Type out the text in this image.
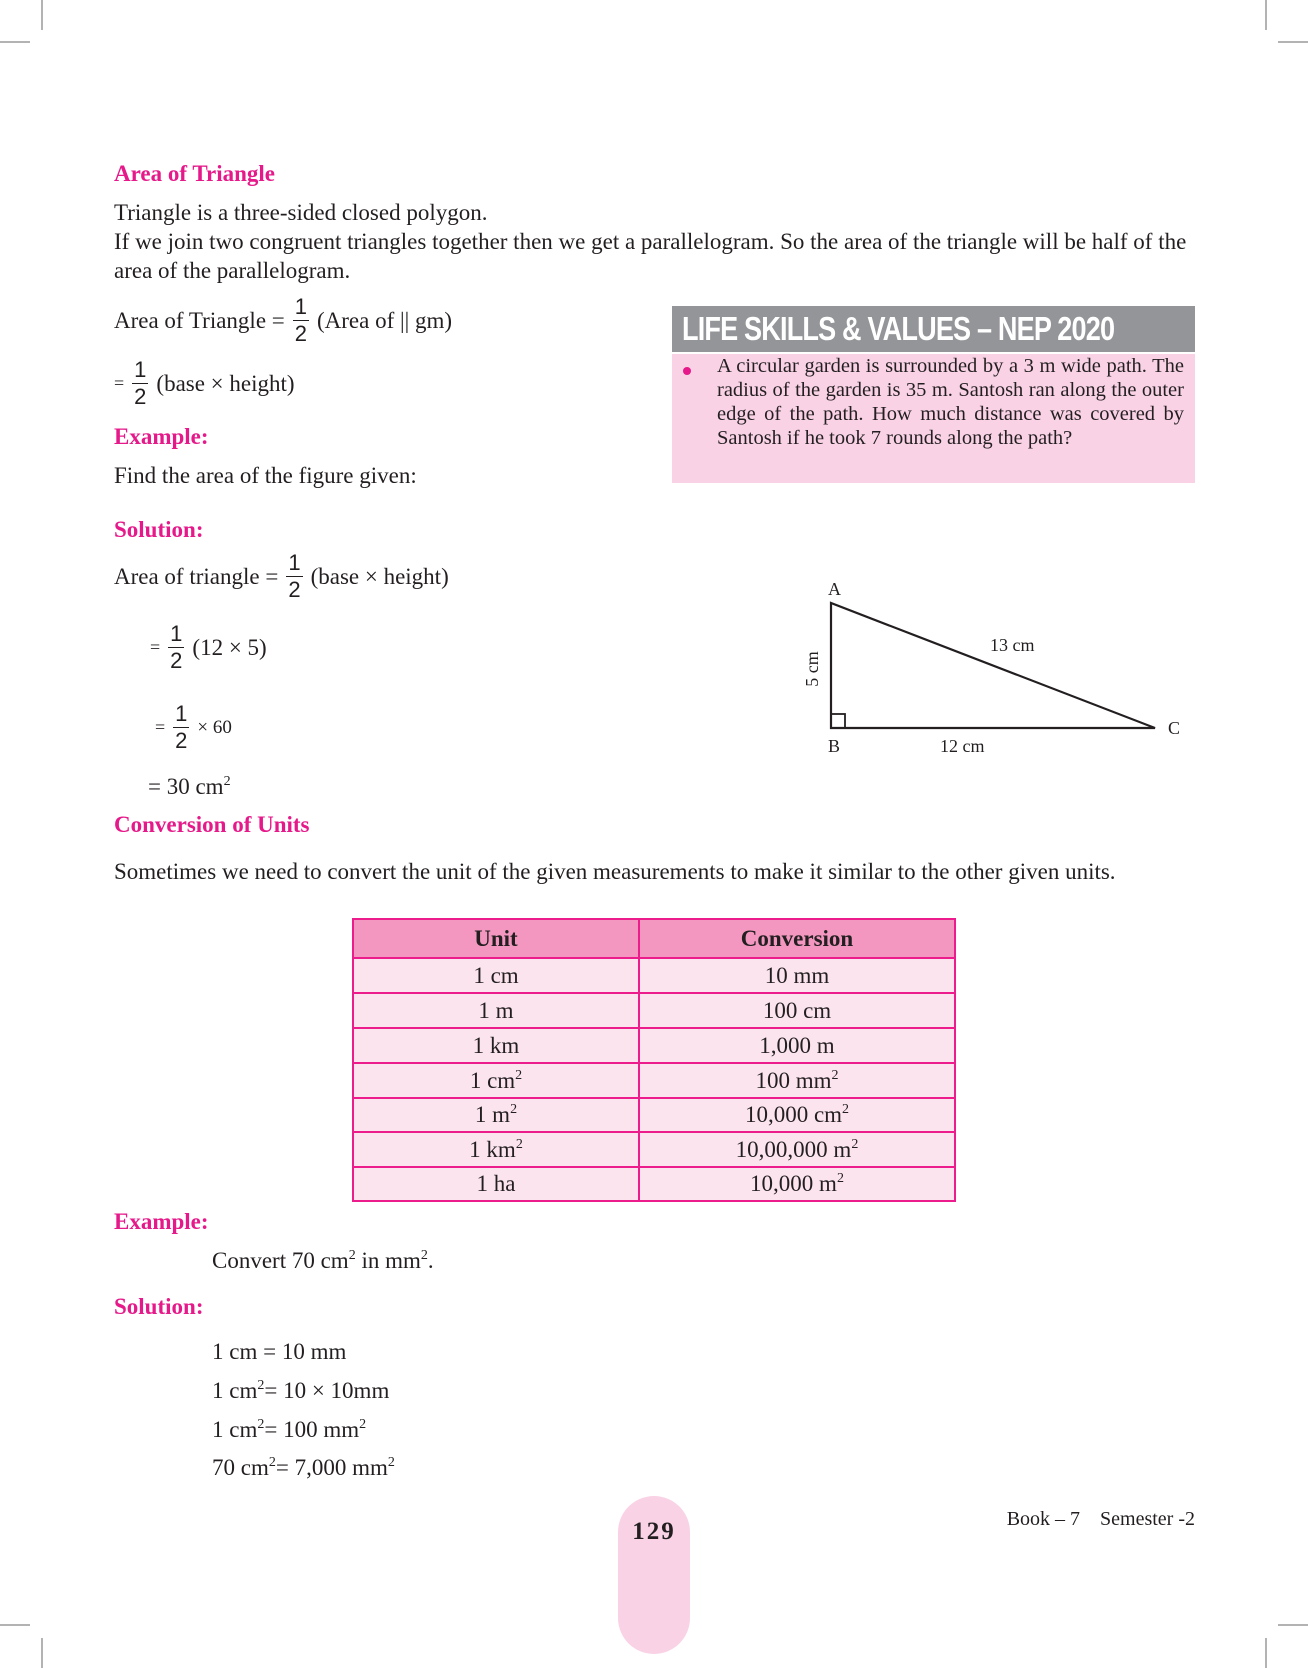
Area of Triangle
Triangle is a three-sided closed polygon.
If we join two congruent triangles together then we get a parallelogram. So the area of the triangle will be half of the area of the parallelogram.
Area of Triangle = $\frac{1}{2}$ (Area of || gm)
= $\frac{1}{2}$ (base × height)
Example:
Find the area of the figure given:
LIFE SKILLS & VALUES – NEP 2020
A circular garden is surrounded by a 3 m wide path. The radius of the garden is 35 m. Santosh ran along the outer edge of the path. How much distance was covered by Santosh if he took 7 rounds along the path?
Solution:
Area of triangle = $\frac{1}{2}$ (base × height)
= $\frac{1}{2} (12 \times 5)$
= $\frac{1}{2} \times 60$
= 30 $cm^2$
A
B
C
13 cm
12 cm
5 cm
Conversion of Units
Sometimes we need to convert the unit of the given measurements to make it similar to the other given units.
Unit	Conversion
1 cm	10 mm
1 m	100 cm
1 km	1,000 m
1 $cm^2$	100 $mm^2$
1 $m^2$	10,000 $cm^2$
1 $km^2$	10,00,000 $m^2$
1 ha	10,000 $m^2$
Example:
Convert 70 $cm^2$ in $mm^2$.
Solution:
1 cm = 10 mm
1 $cm^2= 10 \times 10mm$
1 $cm^2= 100$ $mm^2$
70 $cm^2= 7,000$ $mm^2$
129	Book – 7    Semester -2
